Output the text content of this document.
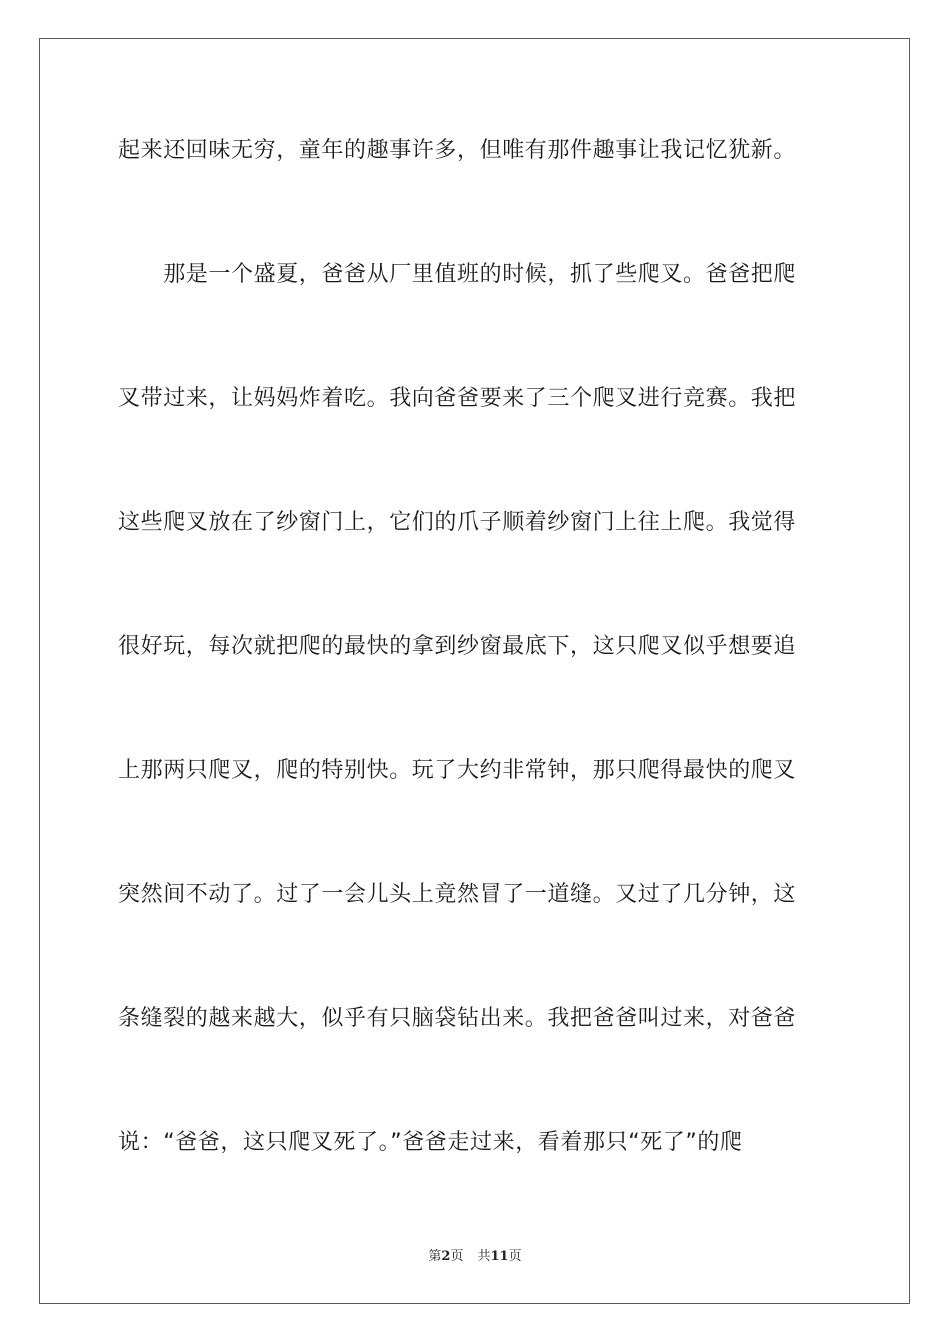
起来还回味无穷，童年的趣事许多，但唯有那件趣事让我记忆犹新。
　　那是一个盛夏，爸爸从厂里值班的时候，抓了些爬叉。爸爸把爬
叉带过来，让妈妈炸着吃。我向爸爸要来了三个爬叉进行竞赛。我把
这些爬叉放在了纱窗门上，它们的爪子顺着纱窗门上往上爬。我觉得
很好玩，每次就把爬的最快的拿到纱窗最底下，这只爬叉似乎想要追
上那两只爬叉，爬的特别快。玩了大约非常钟，那只爬得最快的爬叉
突然间不动了。过了一会儿头上竟然冒了一道缝。又过了几分钟，这
条缝裂的越来越大，似乎有只脑袋钻出来。我把爸爸叫过来，对爸爸
说：“爸爸，这只爬叉死了。”爸爸走过来，看着那只“死了”的爬
第2页 共11页
